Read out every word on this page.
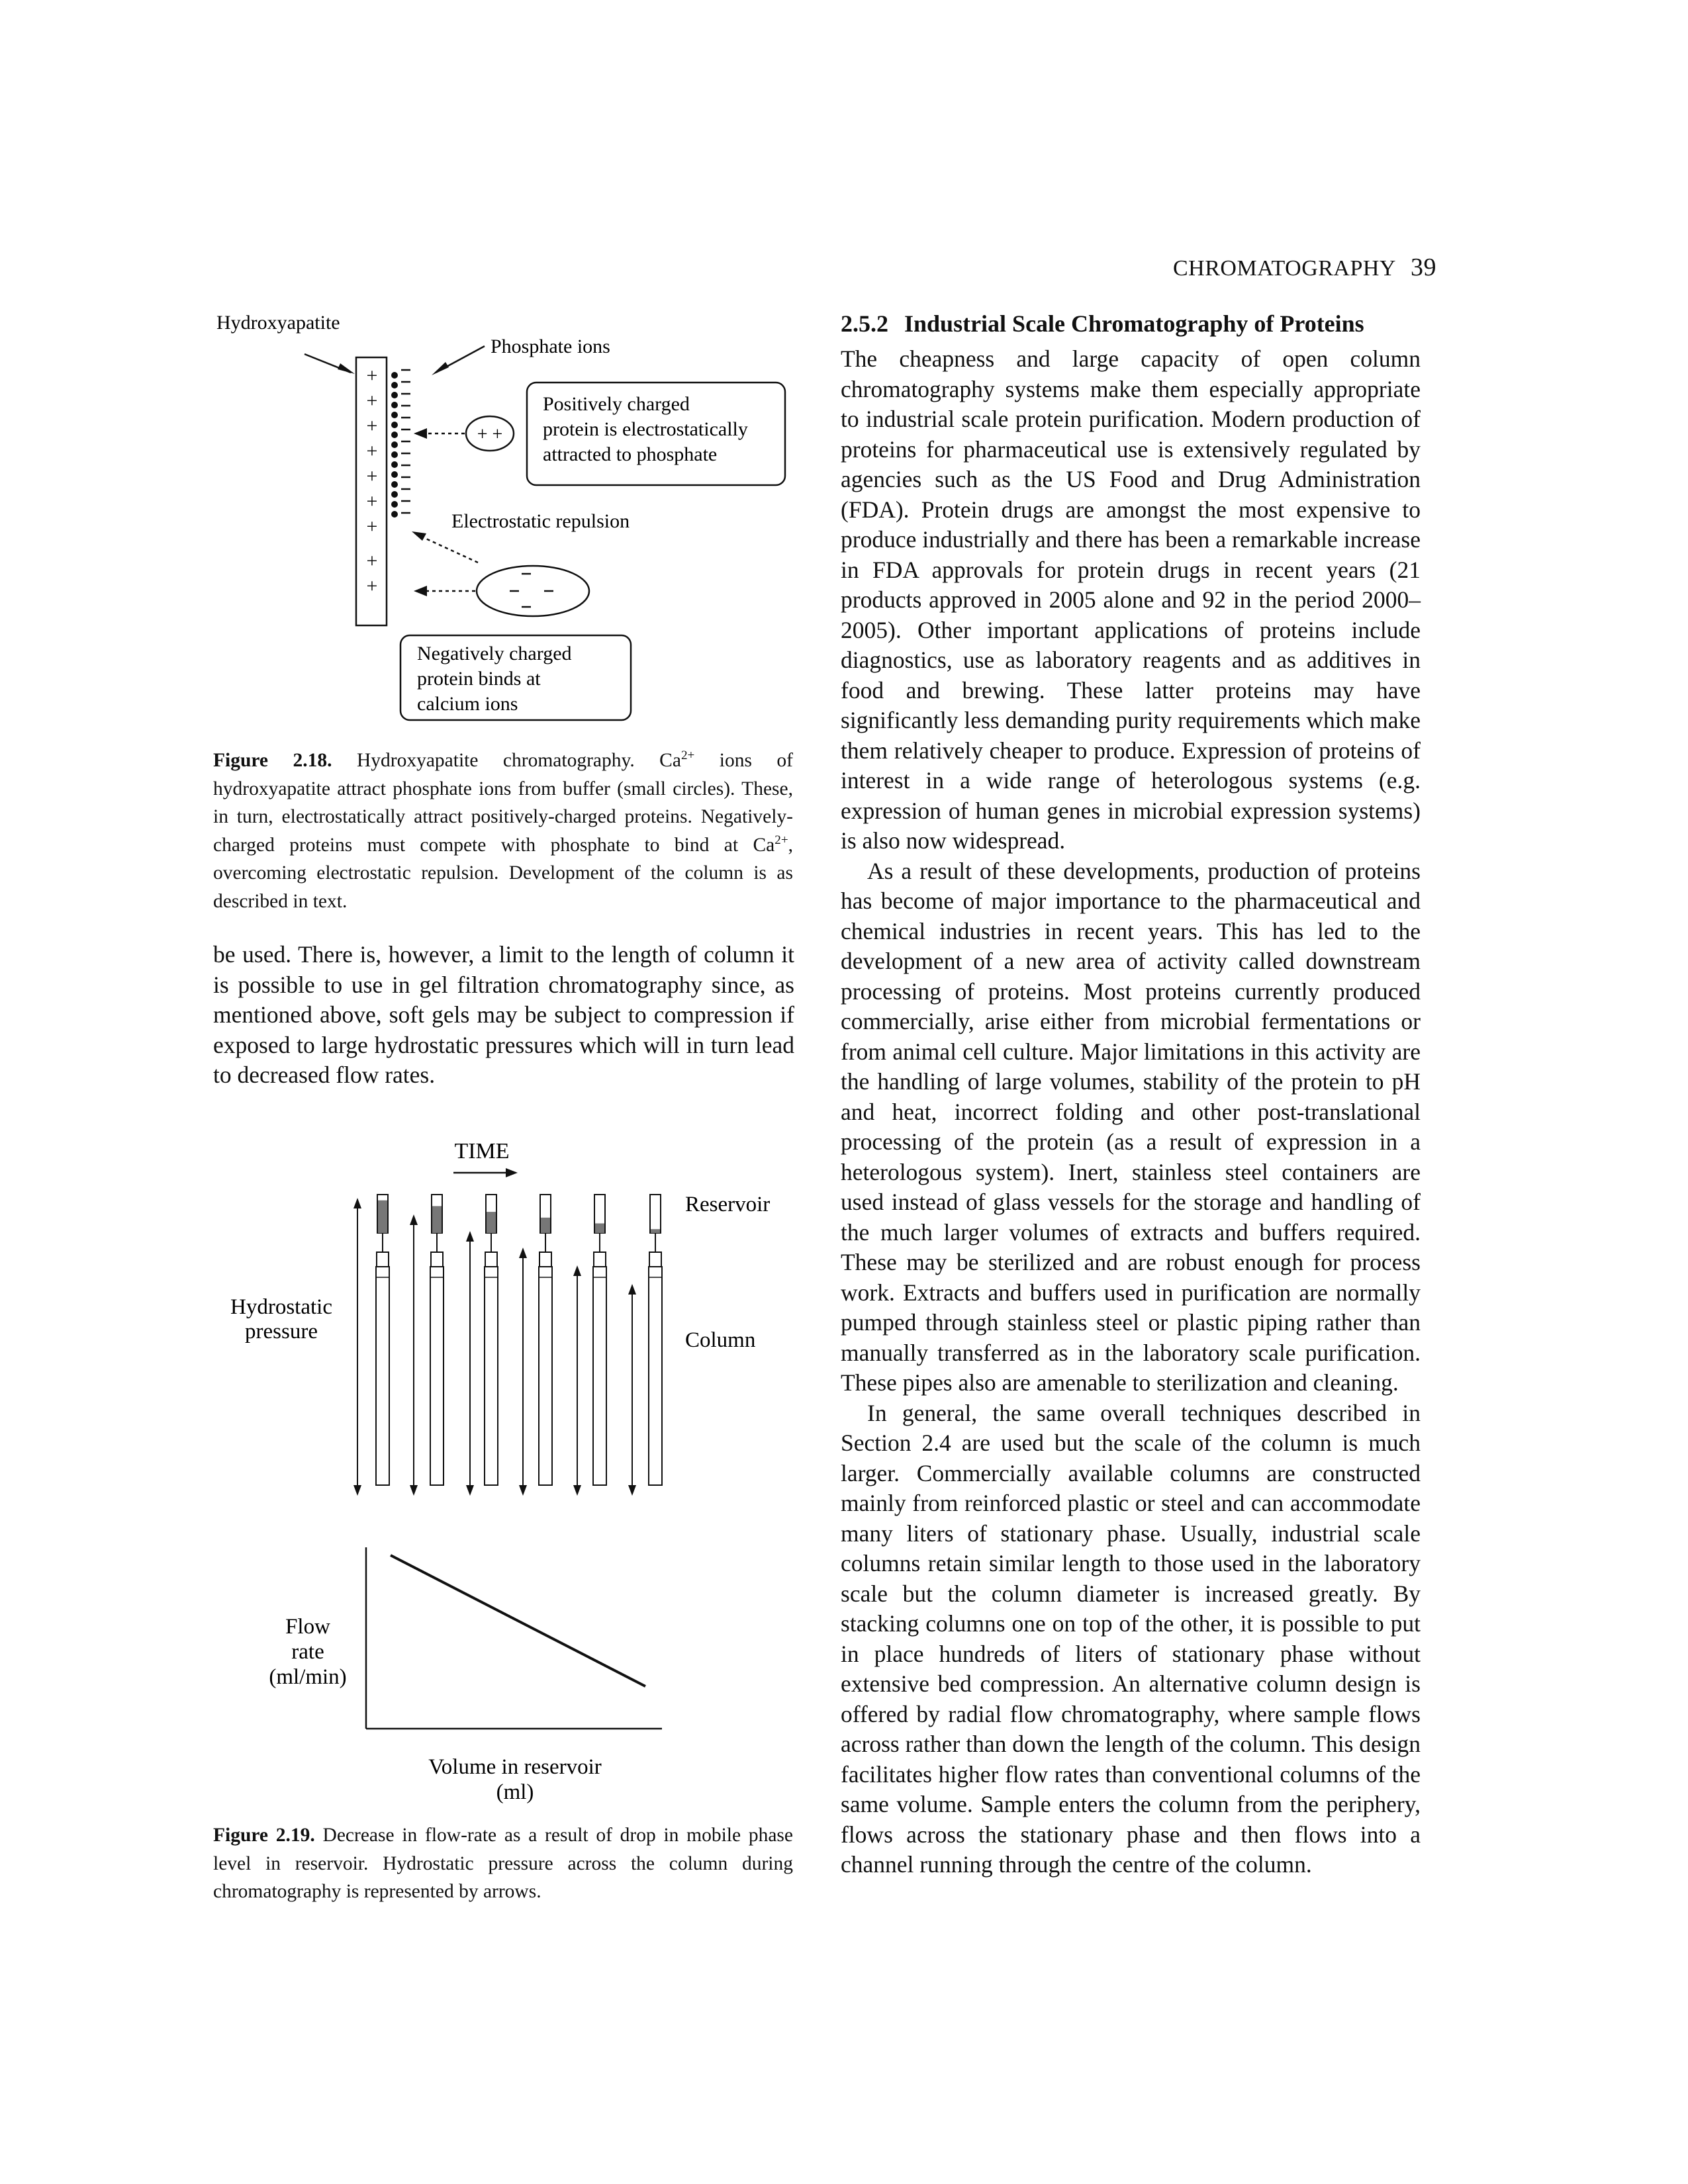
CHROMATOGRAPHY 39
+
+
+
+
+
+
+
+
+
Hydroxyapatite
Phosphate ions
+ +
Positively charged
protein is electrostatically
attracted to phosphate
Electrostatic repulsion
Negatively charged
protein binds at
calcium ions
Figure 2.18. Hydroxyapatite chromatography. $Ca^{2+}$ ions of hydroxyapatite attract phosphate ions from buffer (small circles). These, in turn, electrostatically attract positively-charged proteins. Negatively-charged proteins must compete with phosphate to bind at $Ca^{2+}$, overcoming electrostatic repulsion. Development of the column is as described in text.
be used. There is, however, a limit to the length of column it is possible to use in gel filtration chromatography since, as mentioned above, soft gels may be subject to compression if exposed to large hydrostatic pressures which will in turn lead to decreased flow rates.
TIME
Reservoir
Column
Hydrostatic
pressure
Flow
rate
(ml/min)
Volume in reservoir
(ml)
Figure 2.19. Decrease in flow-rate as a result of drop in mobile phase level in reservoir. Hydrostatic pressure across the column during chromatography is represented by arrows.
2.5.2 Industrial Scale Chromatography of Proteins

The cheapness and large capacity of open column chromatography systems make them especially appropriate to industrial scale protein purification. Modern production of proteins for pharmaceutical use is extensively regulated by agencies such as the US Food and Drug Administration (FDA). Protein drugs are amongst the most expensive to produce industrially and there has been a remarkable increase in FDA approvals for protein drugs in recent years (21 products approved in 2005 alone and 92 in the period 2000–2005). Other important applications of proteins include diagnostics, use as laboratory reagents and as additives in food and brewing. These latter proteins may have significantly less demanding purity requirements which make them relatively cheaper to produce. Expression of proteins of interest in a wide range of heterologous systems (e.g. expression of human genes in microbial expression systems) is also now widespread.

As a result of these developments, production of proteins has become of major importance to the pharmaceutical and chemical industries in recent years. This has led to the development of a new area of activity called downstream processing of proteins. Most proteins currently produced commercially, arise either from microbial fermentations or from animal cell culture. Major limitations in this activity are the handling of large volumes, stability of the protein to pH and heat, incorrect folding and other post-translational processing of the protein (as a result of expression in a heterologous system). Inert, stainless steel containers are used instead of glass vessels for the storage and handling of the much larger volumes of extracts and buffers required. These may be sterilized and are robust enough for process work. Extracts and buffers used in purification are normally pumped through stainless steel or plastic piping rather than manually transferred as in the laboratory scale purification. These pipes also are amenable to sterilization and cleaning.

In general, the same overall techniques described in Section 2.4 are used but the scale of the column is much larger. Commercially available columns are constructed mainly from reinforced plastic or steel and can accommodate many liters of stationary phase. Usually, industrial scale columns retain similar length to those used in the laboratory scale but the column diameter is increased greatly. By stacking columns one on top of the other, it is possible to put in place hundreds of liters of stationary phase without extensive bed compression. An alternative column design is offered by radial flow chromatography, where sample flows across rather than down the length of the column. This design facilitates higher flow rates than conventional columns of the same volume. Sample enters the column from the periphery, flows across the stationary phase and then flows into a channel running through the centre of the column.
